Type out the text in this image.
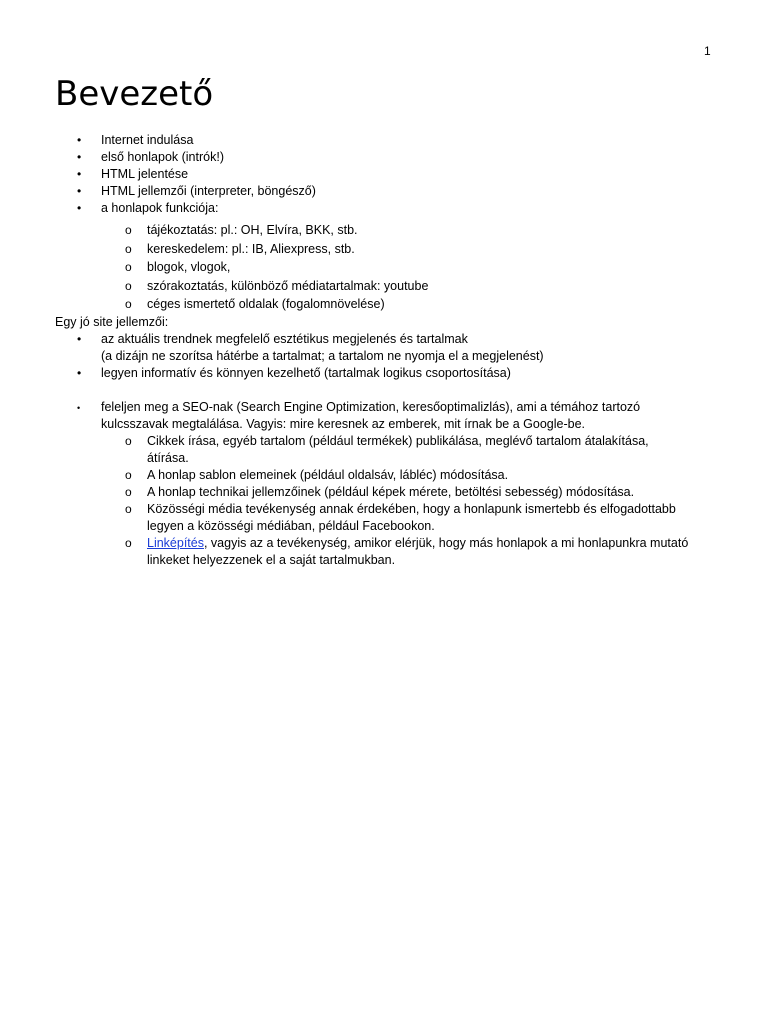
1
Bevezető
• Internet indulása
• első honlapok (intrók!)
• HTML jelentése
• HTML jellemzői (interpreter, böngésző)
• a honlapok funkciója:
o tájékoztatás: pl.: OH, Elvíra, BKK, stb.
o kereskedelem: pl.: IB, Aliexpress, stb.
o blogok, vlogok,
o szórakoztatás, különböző médiatartalmak: youtube
o céges ismertető oldalak (fogalomnövelése)
Egy jó site jellemzői:
• az aktuális trendnek megfelelő esztétikus megjelenés és tartalmak
(a dizájn ne szorítsa hátérbe a tartalmat; a tartalom ne nyomja el a megjelenést)
• legyen informatív és könnyen kezelhető (tartalmak logikus csoportosítása)
• feleljen meg a SEO-nak (Search Engine Optimization, keresőoptimalizlás), ami a témához tartozó
kulcsszavak megtalálása. Vagyis: mire keresnek az emberek, mit írnak be a Google-be.
o Cikkek írása, egyéb tartalom (például termékek) publikálása, meglévő tartalom átalakítása,
átírása.
o A honlap sablon elemeinek (például oldalsáv, lábléc) módosítása.
o A honlap technikai jellemzőinek (például képek mérete, betöltési sebesség) módosítása.
o Közösségi média tevékenység annak érdekében, hogy a honlapunk ismertebb és elfogadottabb
legyen a közösségi médiában, például Facebookon.
o Linképítés, vagyis az a tevékenység, amikor elérjük, hogy más honlapok a mi honlapunkra mutató
linkeket helyezzenek el a saját tartalmukban.
